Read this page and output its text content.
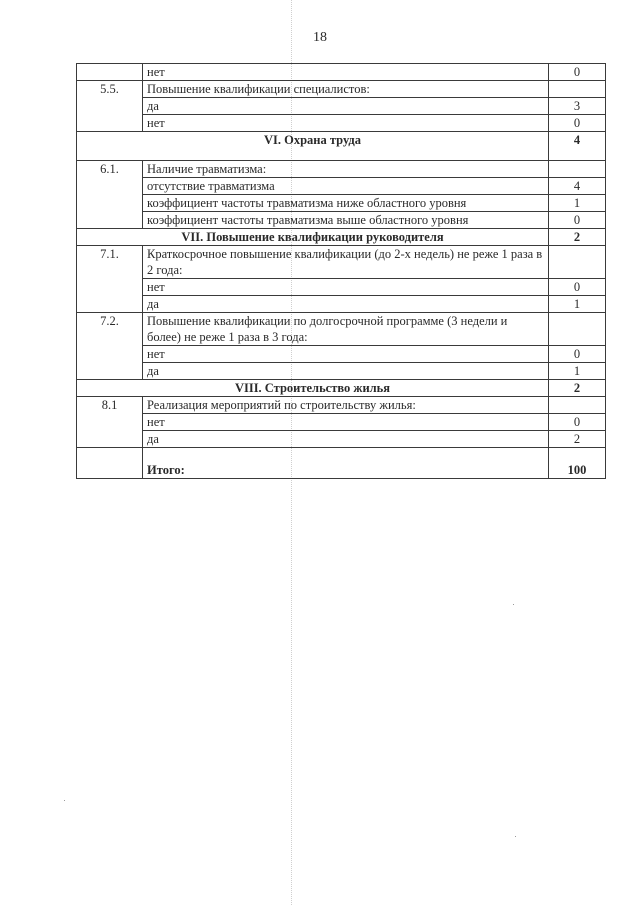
18
	нет	0
5.5.	Повышение квалификации специалистов:	
	да	3
	нет	0
VI. Охрана труда		4
6.1.	Наличие травматизма:	
	отсутствие травматизма	4
	коэффициент частоты травматизма ниже областного уровня	1
	коэффициент частоты травматизма выше областного уровня	0
VII. Повышение квалификации руководителя		2
7.1.	Краткосрочное повышение квалификации (до 2-х недель) не реже 1 раза в 2 года:	
	нет	0
	да	1
7.2.	Повышение квалификации по долгосрочной программе (3 недели и более) не реже 1 раза в 3 года:	
	нет	0
	да	1
VIII. Строительство жилья		2
8.1	Реализация мероприятий по строительству жилья:	
	нет	0
	да	2
	Итого:	100
